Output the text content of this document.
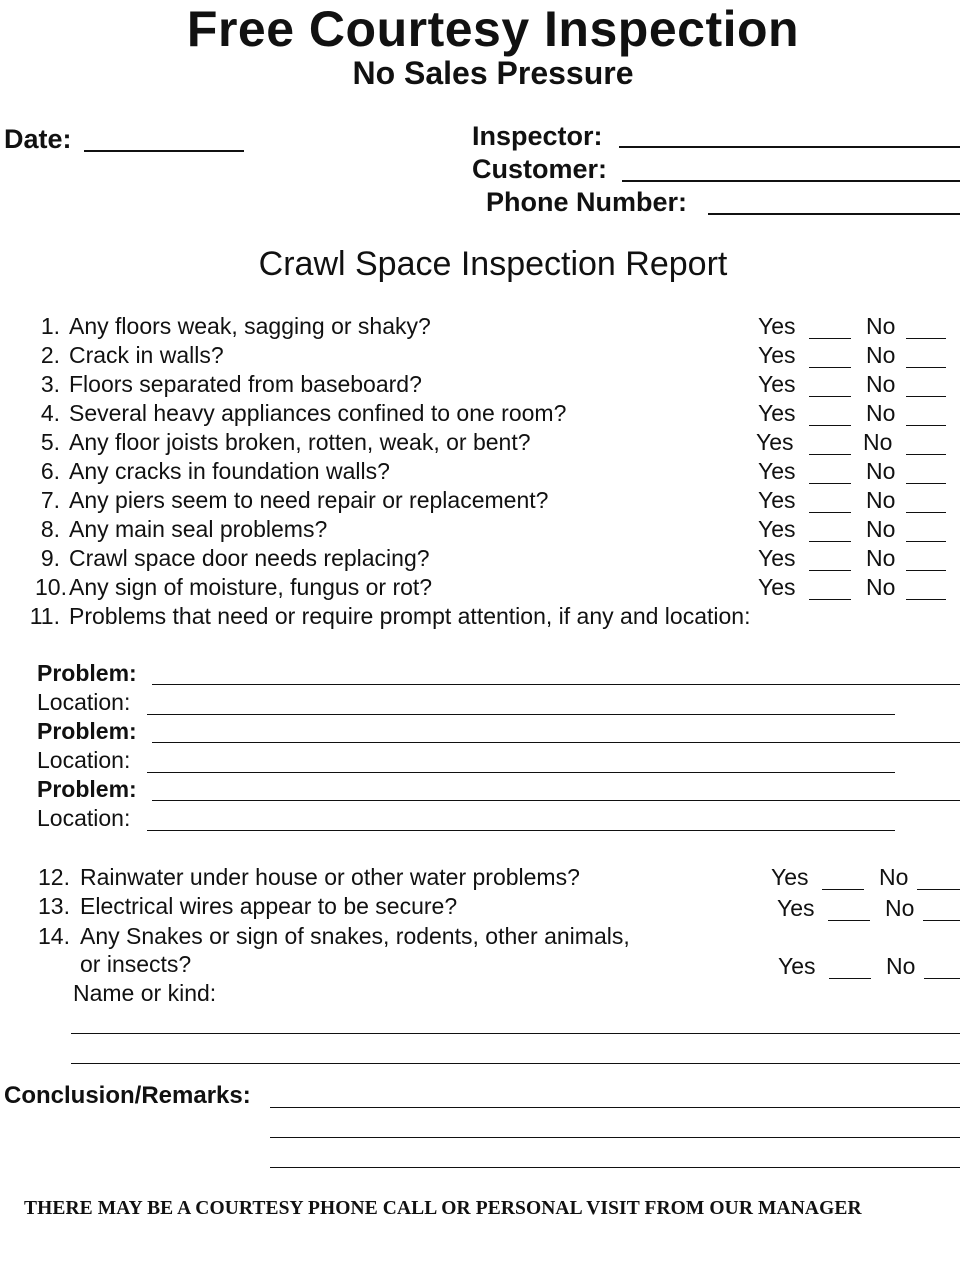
Free Courtesy Inspection
No Sales Pressure
Date:	Inspector:
Customer:
Phone Number:
Crawl Space Inspection Report
1. Any floors weak, sagging or shaky?	Yes	No
2. Crack in walls?	Yes	No
3. Floors separated from baseboard?	Yes	No
4. Several heavy appliances confined to one room?	Yes	No
5. Any floor joists broken, rotten, weak, or bent?	Yes	No
6. Any cracks in foundation walls?	Yes	No
7. Any piers seem to need repair or replacement?	Yes	No
8. Any main seal problems?	Yes	No
9. Crawl space door needs replacing?	Yes	No
10. Any sign of moisture, fungus or rot?	Yes	No
11. Problems that need or require prompt attention, if any and location:
Problem:
Location:
Problem:
Location:
Problem:
Location:
12. Rainwater under house or other water problems?	Yes	No
13. Electrical wires appear to be secure?	Yes	No
14. Any Snakes or sign of snakes, rodents, other animals,
or insects?	Yes	No
Name or kind:
Conclusion/Remarks:
THERE MAY BE A COURTESY PHONE CALL OR PERSONAL VISIT FROM OUR MANAGER
